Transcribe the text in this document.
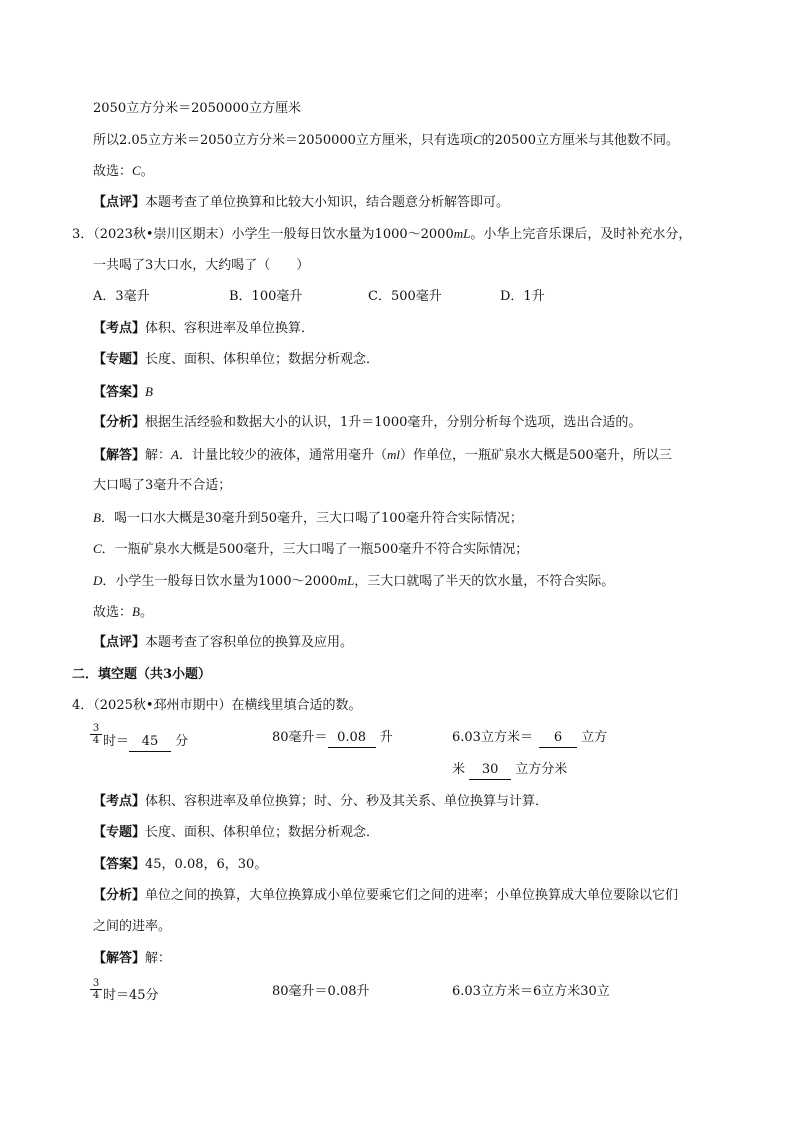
2050立方分米＝2050000立方厘米
所以2.05立方米＝2050立方分米＝2050000立方厘米，只有选项C的20500立方厘米与其他数不同。
故选：C。
【点评】本题考查了单位换算和比较大小知识，结合题意分析解答即可。
3．（2023秋•崇川区期末）小学生一般每日饮水量为1000～2000mL。小华上完音乐课后，及时补充水分，
一共喝了3大口水，大约喝了（　　）
A．3毫升	B．100毫升	C．500毫升	D．1升
【考点】体积、容积进率及单位换算．
【专题】长度、面积、体积单位；数据分析观念．
【答案】B
【分析】根据生活经验和数据大小的认识，1升＝1000毫升，分别分析每个选项，选出合适的。
【解答】解：A．计量比较少的液体，通常用毫升（ml）作单位，一瓶矿泉水大概是500毫升，所以三
大口喝了3毫升不合适；
B．喝一口水大概是30毫升到50毫升，三大口喝了100毫升符合实际情况；
C．一瓶矿泉水大概是500毫升，三大口喝了一瓶500毫升不符合实际情况；
D．小学生一般每日饮水量为1000～2000mL，三大口就喝了半天的饮水量，不符合实际。
故选：B。
【点评】本题考查了容积单位的换算及应用。
二．填空题（共3小题）
4．（2025秋•邳州市期中）在横线里填合适的数。
$\frac{3}{4}$ 时＝ 45 分	80毫升＝ 0.08 升	6.03立方米＝ 6 立方
米 30 立方分米
【考点】体积、容积进率及单位换算；时、分、秒及其关系、单位换算与计算．
【专题】长度、面积、体积单位；数据分析观念．
【答案】45，0.08，6，30。
【分析】单位之间的换算，大单位换算成小单位要乘它们之间的进率；小单位换算成大单位要除以它们
之间的进率。
【解答】解：
$\frac{3}{4}$ 时＝45分	80毫升＝0.08升	6.03立方米＝6立方米30立
